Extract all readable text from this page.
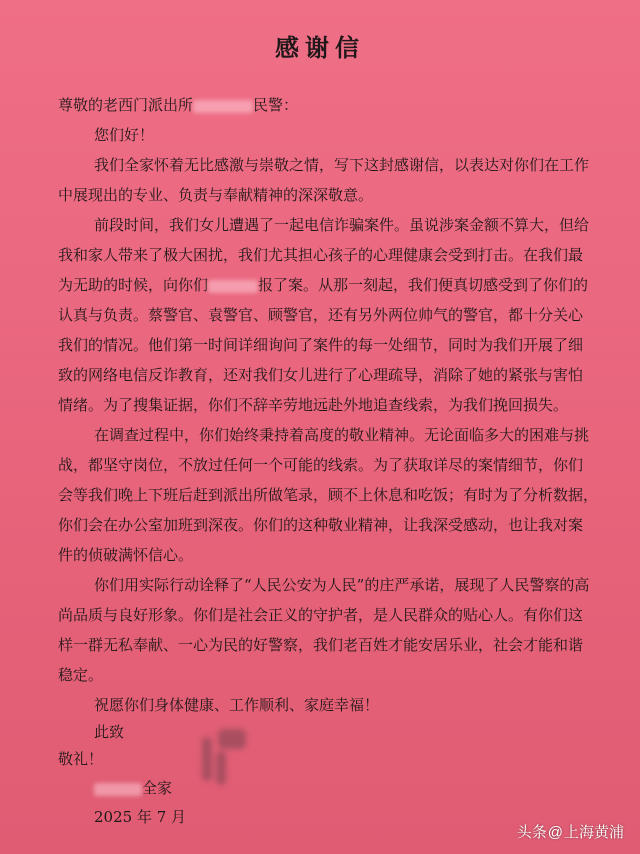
感谢信
尊敬的老西门派出所	民警：
您们好！
我们全家怀着无比感激与崇敬之情，写下这封感谢信，以表达对你们在工作
中展现出的专业、负责与奉献精神的深深敬意。
前段时间，我们女儿遭遇了一起电信诈骗案件。虽说涉案金额不算大，但给
我和家人带来了极大困扰，我们尤其担心孩子的心理健康会受到打击。在我们最
为无助的时候，向你们	报了案。从那一刻起，我们便真切感受到了你们的
认真与负责。蔡警官、袁警官、顾警官，还有另外两位帅气的警官，都十分关心
我们的情况。他们第一时间详细询问了案件的每一处细节，同时为我们开展了细
致的网络电信反诈教育，还对我们女儿进行了心理疏导，消除了她的紧张与害怕
情绪。为了搜集证据，你们不辞辛劳地远赴外地追查线索，为我们挽回损失。
在调查过程中，你们始终秉持着高度的敬业精神。无论面临多大的困难与挑
战，都坚守岗位，不放过任何一个可能的线索。为了获取详尽的案情细节，你们
会等我们晚上下班后赶到派出所做笔录，顾不上休息和吃饭；有时为了分析数据，
你们会在办公室加班到深夜。你们的这种敬业精神，让我深受感动，也让我对案
件的侦破满怀信心。
你们用实际行动诠释了“人民公安为人民”的庄严承诺，展现了人民警察的高
尚品质与良好形象。你们是社会正义的守护者，是人民群众的贴心人。有你们这
样一群无私奉献、一心为民的好警察，我们老百姓才能安居乐业，社会才能和谐
稳定。
祝愿你们身体健康、工作顺利、家庭幸福！
此致
敬礼！
全家
2025 年 7 月
头条@上海黄浦
